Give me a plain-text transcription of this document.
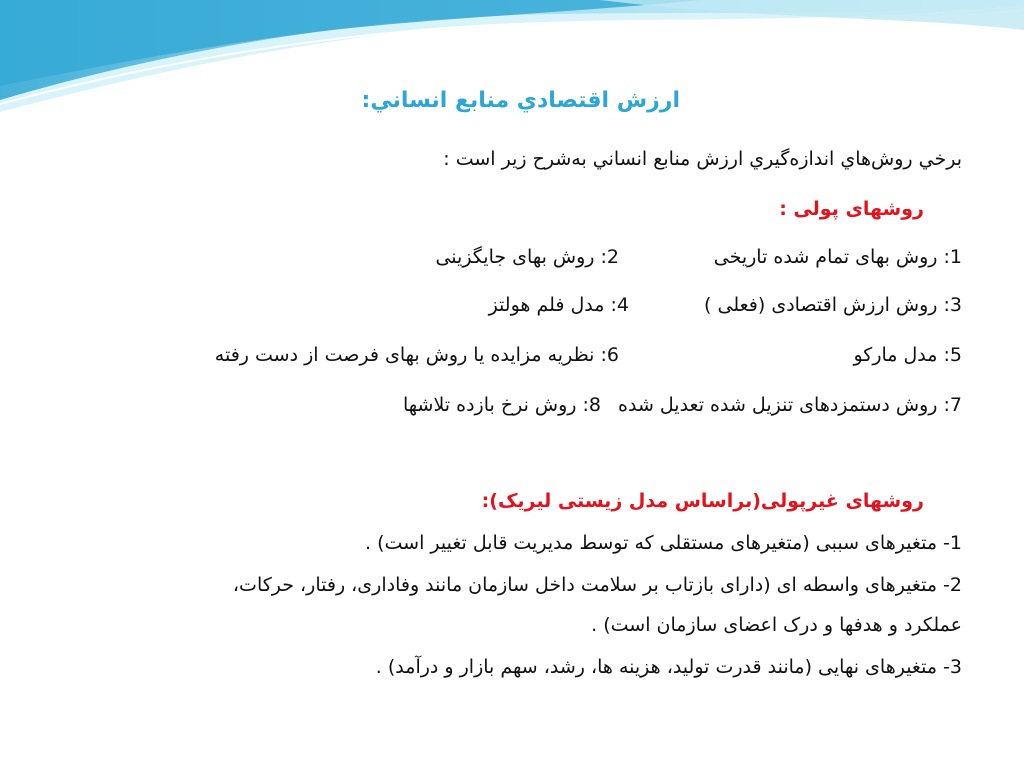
ارزش اقتصادي منابع انساني:
برخي روش‌هاي اندازه‌گيري ارزش منابع انساني به‌شرح زير است :
روشهای پولی :
1: روش بهای تمام شده تاریخی
2: روش بهای جایگزینی
3: روش ارزش اقتصادی (فعلی )
4: مدل فلم هولتز
5: مدل مارکو
6: نظریه مزایده یا روش بهای فرصت از دست رفته
7: روش دستمزدهای تنزیل شده تعدیل شده
8: روش نرخ بازده تلاشها
روشهای غیرپولی(براساس مدل زیستی لیریک):
1- متغیرهای سببی (متغیرهای مستقلی که توسط مدیریت قابل تغییر است) .
2- متغیرهای واسطه ای (دارای بازتاب بر سلامت داخل سازمان مانند وفاداری، رفتار، حرکات،
عملکرد و هدفها و درک اعضای سازمان است) .
3- متغیرهای نهایی (مانند قدرت تولید، هزینه ها، رشد، سهم بازار و درآمد) .
